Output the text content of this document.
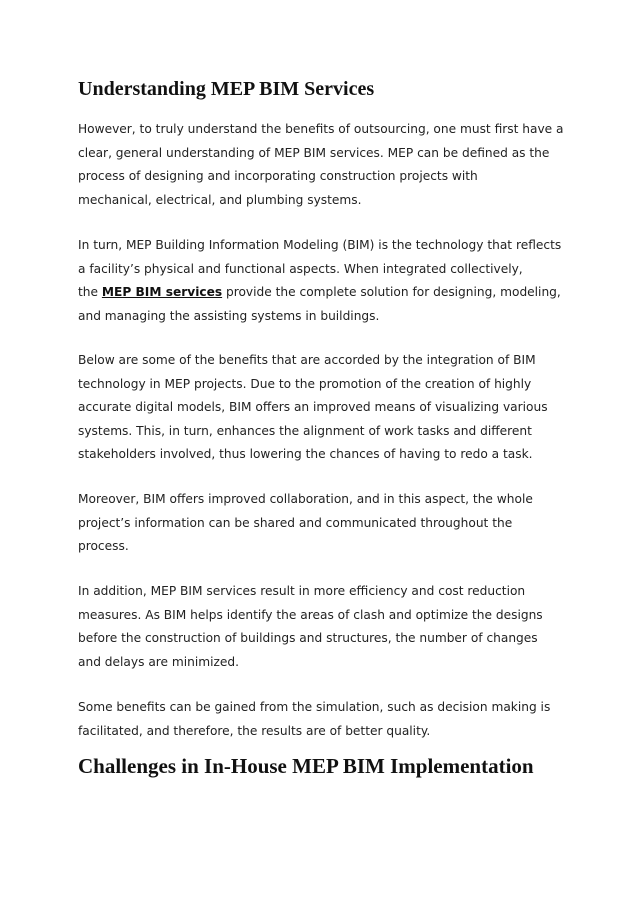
Understanding MEP BIM Services

However, to truly understand the benefits of outsourcing, one must first have a
clear, general understanding of MEP BIM services. MEP can be defined as the
process of designing and incorporating construction projects with
mechanical, electrical, and plumbing systems.

In turn, MEP Building Information Modeling (BIM) is the technology that reflects
a facility’s physical and functional aspects. When integrated collectively,
the MEP BIM services provide the complete solution for designing, modeling,
and managing the assisting systems in buildings.

Below are some of the benefits that are accorded by the integration of BIM
technology in MEP projects. Due to the promotion of the creation of highly
accurate digital models, BIM offers an improved means of visualizing various
systems. This, in turn, enhances the alignment of work tasks and different
stakeholders involved, thus lowering the chances of having to redo a task.

Moreover, BIM offers improved collaboration, and in this aspect, the whole
project’s information can be shared and communicated throughout the
process.

In addition, MEP BIM services result in more efficiency and cost reduction
measures. As BIM helps identify the areas of clash and optimize the designs
before the construction of buildings and structures, the number of changes
and delays are minimized.

Some benefits can be gained from the simulation, such as decision making is
facilitated, and therefore, the results are of better quality.

Challenges in In-House MEP BIM Implementation
